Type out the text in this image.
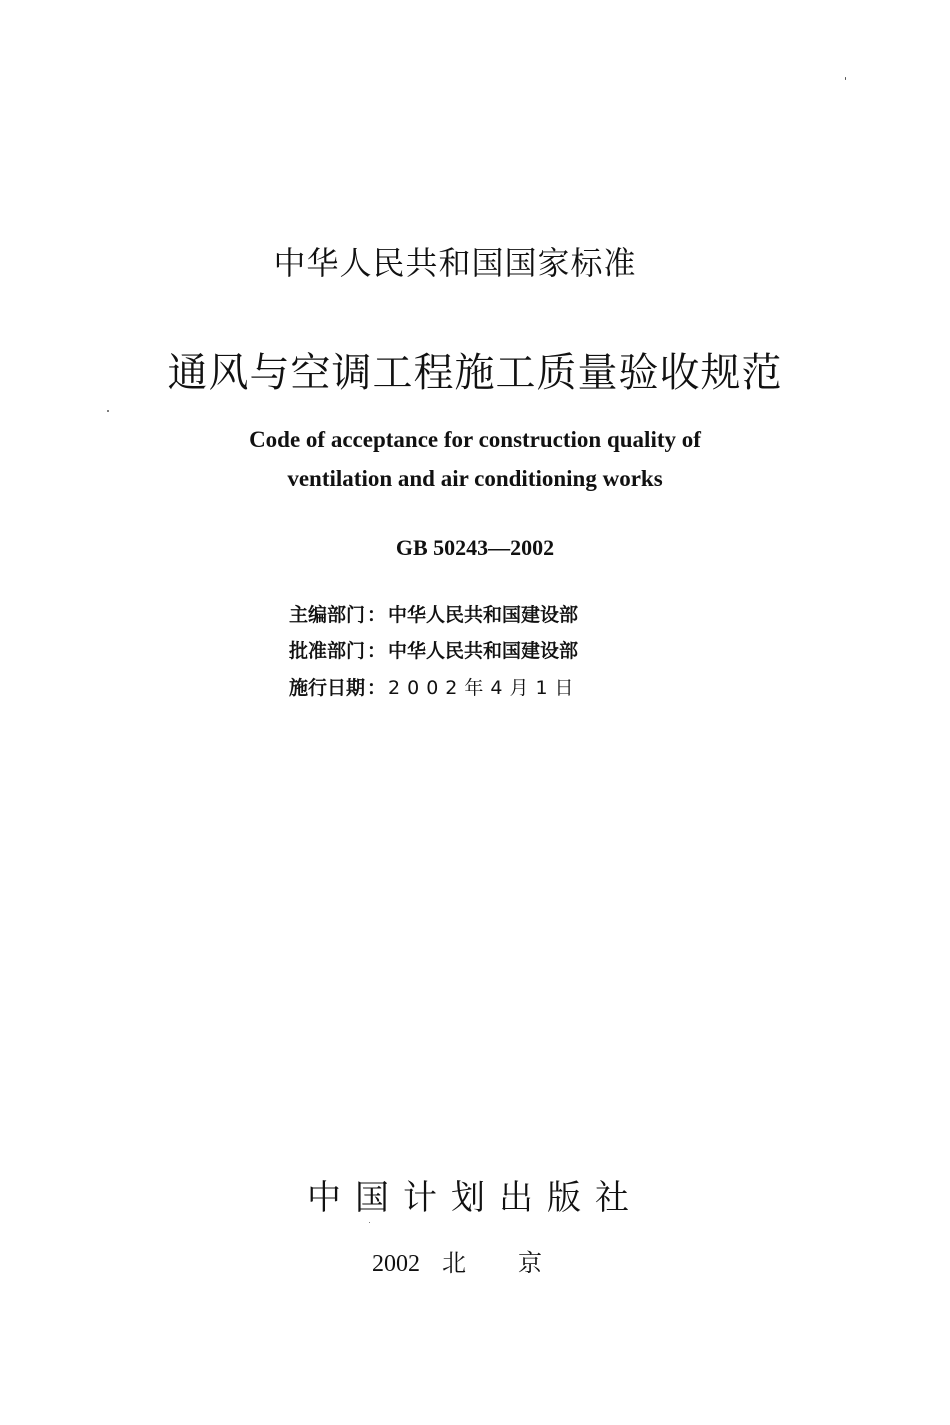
中华人民共和国国家标准
通风与空调工程施工质量验收规范
Code of acceptance for construction quality of
ventilation and air conditioning works
GB 50243—2002
主编部门 ： 中华人民共和国建设部
批准部门 ： 中华人民共和国建设部
施行日期 ： 2002年4月1日
中国计划出版社
2002 北京
